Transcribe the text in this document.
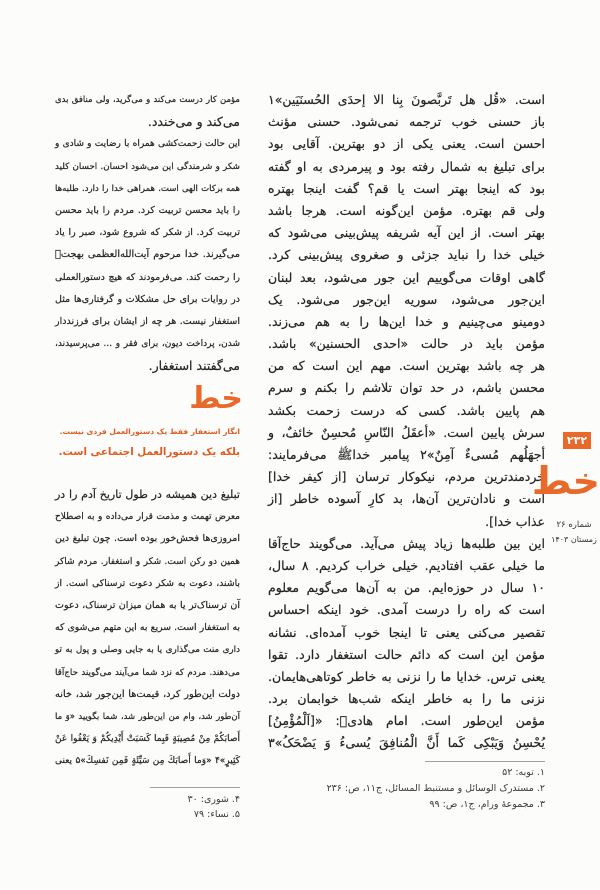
است. «قُل هل تَربَّصونَ بِنا الا إحدَی الحُسنَیَین»۱
باز حسنی خوب ترجمه نمی‌شود. حسنی مؤنث
احسن است. یعنی یکی از دو بهترین. آقایی بود
برای تبلیغ به شمال رفته بود و پیرمردی به او گفته
بود که اینجا بهتر است یا قم؟ گفت اینجا بهتره
ولی قم بهتره. مؤمن این‌گونه است. هرجا باشد
بهتر است. از این آیه شریفه پیش‌بینی می‌شود که
خیلی خدا را نباید جزئی و صغروی پیش‌بینی کرد.
گاهی اوقات می‌گوییم این جور می‌شود، بعد لبنان
این‌جور می‌شود، سوریه این‌جور می‌شود. یک
دومینو می‌چینیم و خدا این‌ها را به هم می‌زند.
مؤمن باید در حالت «احدی الحسنین» باشد.
هر چه باشد بهترین است. مهم این است که من
محسن باشم، در حد توان تلاشم را بکنم و سرم
هم پایین باشد. کسی که درست زحمت بکشد
سرش پایین است. «أعقَلُ النّاسِ مُحسِنٌ خائفٌ، و
أجهَلُهم مُسیءٌ آمِنٌ»۲ پیامبر خداﷺ می‌فرمایند:
خردمندترین مردم، نیکوکار ترسان [از کیفر خدا]
است و نادان‌ترین آن‌ها، بد کارِ آسوده خاطر [از
عذاب خدا].
این بین طلبه‌ها زیاد پیش می‌آید. می‌گویند حاج‌آقا
ما خیلی عقب افتادیم. خیلی خراب کردیم. ۸ سال،
۱۰ سال در حوزه‌ایم. من به آن‌ها می‌گویم معلوم
است که راه را درست آمدی. خود اینکه احساس
تقصیر می‌کنی یعنی تا اینجا خوب آمده‌ای. نشانه
مؤمن این است که دائم حالت استغفار دارد. تقوا
یعنی ترس. خدایا ما را نزنی به خاطر کوتاهی‌هایمان.
نزنی ما را به خاطر اینکه شب‌ها خوابمان برد.
مؤمن این‌طور است. امام هادیؑ: «[اَلْمُؤْمِنُ]
یُحْسِنُ وَیَبْکِی کَما أَنَّ الْمُنافِقَ یُسیءُ وَ یَضْحَکُ»۳
۱. توبه: ۵۲
۲. مستدرک الوسائل و مستنبط المسائل، ج۱۱، ص: ۲۳۶
۳. مجموعهٔ ورام، ج۱، ص: ۹۹
مؤمن کار درست می‌کند و می‌گرید، ولی منافق بدی
می‌کند و می‌خندد.
این حالت زحمت‌کشی همراه با رضایت و شادی و
شکر و شرمندگی این می‌شود احسان. احسان کلید
همه برکات الهی است. همراهی خدا را دارد. طلبه‌ها
را باید محسن تربیت کرد. مردم را باید محسن
تربیت کرد. از شکر که شروع شود، صبر را یاد
می‌گیرند. خدا مرحوم آیت‌الله‌العظمی بهجتؒ
را رحمت کند. می‌فرمودند که هیچ دستورالعملی
در روایات برای حل مشکلات و گرفتاری‌ها مثل
استغفار نیست. هر چه از ایشان برای فرزنددار
شدن، پرداخت دیون، برای فقر و ... می‌پرسیدند،
می‌گفتند استغفار.
خط
انگار استغفار فقط یک دستورالعمل فردی نیست.
بلکه یک دستورالعمل اجتماعی است.
تبلیغ دین همیشه در طول تاریخ آدم را در
معرض تهمت و مذمت قرار می‌داده و به اصطلاح
امروزی‌ها فحش‌خور بوده است. چون تبلیغ دین
همین دو رکن است. شکر و استغفار. مردم شاکر
باشند، دعوت به شکر دعوت ترسناکی است. از
آن ترسناک‌تر یا به همان میزان ترسناک، دعوت
به استغفار است. سریع به این متهم می‌شوی که
داری منت می‌گذاری یا به جایی وصلی و پول به تو
می‌دهند. مردم که نزد شما می‌آیند می‌گویند حاج‌آقا
دولت این‌طور کرد، قیمت‌ها این‌جور شد، خانه
آن‌طور شد، وام من این‌طور شد، شما بگویید «وَ ما
أَصابَکُمْ مِنْ مُصِیبَةٍ فَبِما کَسَبَتْ أَیْدِیکُمْ وَ یَعْفُوا عَنْ
کَثِیرٍ»۴ «وَما أَصابَكَ مِن سَیِّئَةٍ فَمِن نَفسِكَ»۵ یعنی
۴. شوری: ۳۰
۵. نساء: ۷۹
۲۳۲
خط
شماره ۲۶
زمستان ۱۴۰۳
